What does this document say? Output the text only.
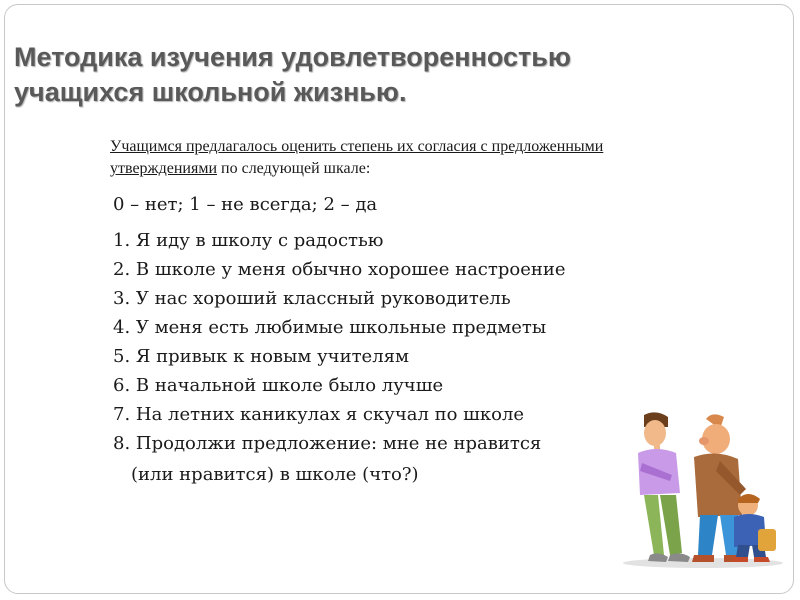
Методика изучения удовлетворенностью
учащихся школьной жизнью.
Учащимся предлагалось оценить степень их согласия с предложенными утверждениями по следующей шкале:
0 – нет; 1 – не всегда; 2 – да
1. Я иду в школу с радостью
2. В школе у меня обычно хорошее настроение
3. У нас хороший классный руководитель
4. У меня есть любимые школьные предметы
5. Я привык к новым учителям
6. В начальной школе было лучше
7. На летних каникулах я скучал по школе
8. Продолжи предложение: мне не нравится
(или нравится) в школе (что?)
